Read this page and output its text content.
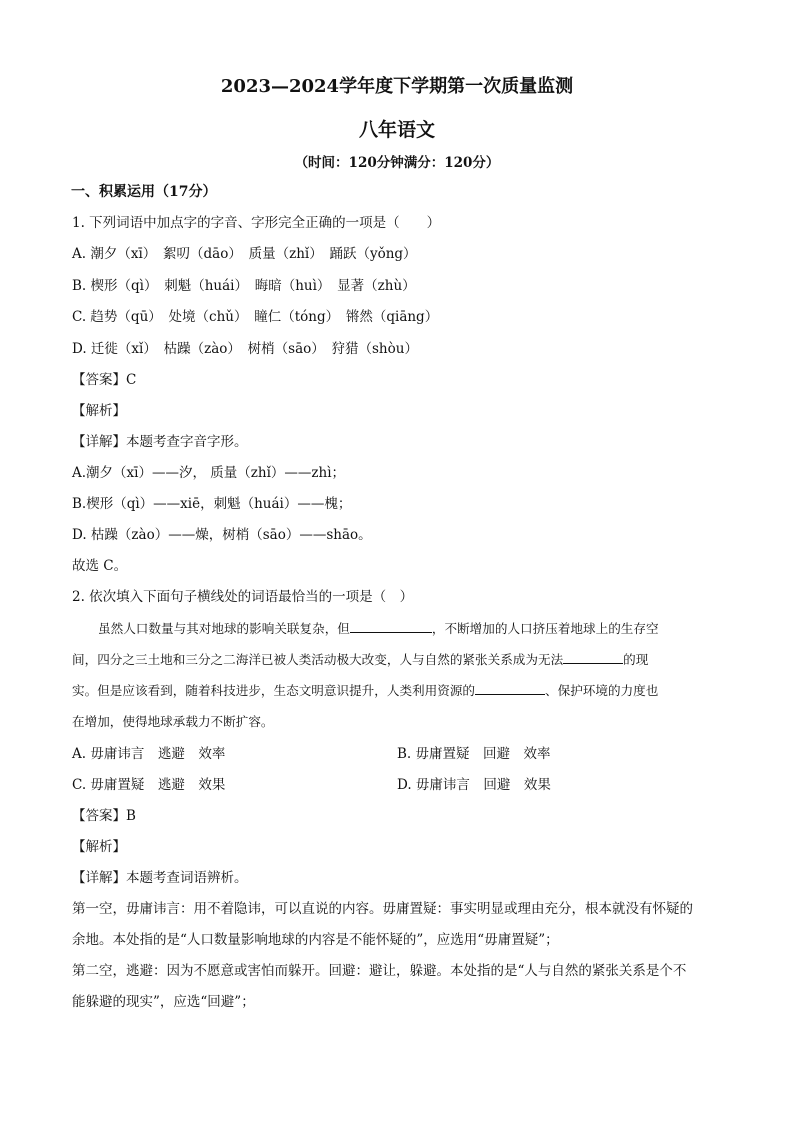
2023—2024学年度下学期第一次质量监测
八年语文
（时间：120分钟满分：120分）
一、积累运用（17分）
1. 下列词语中加点字的字音、字形完全正确的一项是（　　）
A. 潮夕（xī）　絮叨（dāo）　质量（zhǐ）　踊跃（yǒng）
B. 楔形（qì）　刺魁（huái）　晦暗（huì）　显著（zhù）
C. 趋势（qū）　处境（chǔ）　瞳仁（tóng）　锵然（qiāng）
D. 迁徙（xǐ）　枯躁（zào）　树梢（sāo）　狩猎（shòu）
【答案】C
【解析】
【详解】本题考查字音字形。
A.潮夕（xī）——汐， 质量（zhǐ）——zhì；
B.楔形（qì）——xiē，刺魁（huái）——槐；
D. 枯躁（zào）——燥，树梢（sāo）——shāo。
故选 C。
2. 依次填入下面句子横线处的词语最恰当的一项是（　）
虽然人口数量与其对地球的影响关联复杂，但	，不断增加的人口挤压着地球上的生存空
间，四分之三土地和三分之二海洋已被人类活动极大改变，人与自然的紧张关系成为无法	的现
实。但是应该看到，随着科技进步，生态文明意识提升，人类利用资源的	、保护环境的力度也
在增加，使得地球承载力不断扩容。
A. 毋庸讳言　逃避　效率	B. 毋庸置疑　回避　效率
C. 毋庸置疑　逃避　效果	D. 毋庸讳言　回避　效果
【答案】B
【解析】
【详解】本题考查词语辨析。
第一空，毋庸讳言：用不着隐讳，可以直说的内容。毋庸置疑：事实明显或理由充分，根本就没有怀疑的
余地。本处指的是“人口数量影响地球的内容是不能怀疑的”，应选用“毋庸置疑”；
第二空，逃避：因为不愿意或害怕而躲开。回避：避让，躲避。本处指的是“人与自然的紧张关系是个不
能躲避的现实”，应选“回避”；
